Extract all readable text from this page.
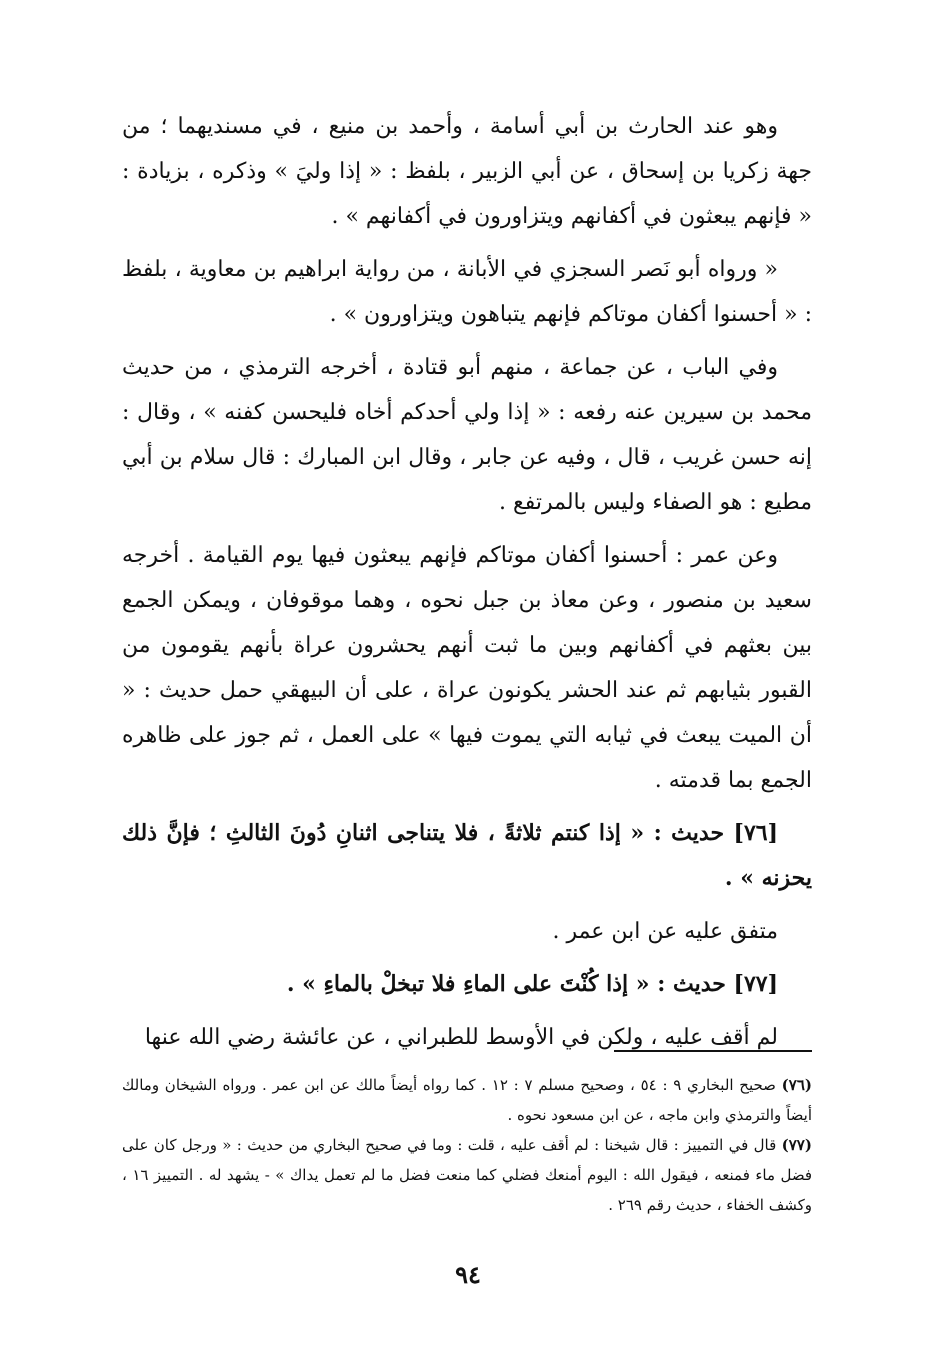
وهو عند الحارث بن أبي أسامة ، وأحمد بن منيع ، في مسنديهما ؛ من جهة زكريا بن إسحاق ، عن أبي الزبير ، بلفظ : « إذا وليَ » وذكره ، بزيادة : « فإنهم يبعثون في أكفانهم ويتزاورون في أكفانهم » .

« ورواه أبو نَصر السجزي في الأبانة ، من رواية ابراهيم بن معاوية ، بلفظ : « أحسنوا أكفان موتاكم فإنهم يتباهون ويتزاورون » .

وفي الباب ، عن جماعة ، منهم أبو قتادة ، أخرجه الترمذي ، من حديث محمد بن سيرين عنه رفعه : « إذا ولي أحدكم أخاه فليحسن كفنه » ، وقال : إنه حسن غريب ، قال ، وفيه عن جابر ، وقال ابن المبارك : قال سلام بن أبي مطيع : هو الصفاء وليس بالمرتفع .

وعن عمر : أحسنوا أكفان موتاكم فإنهم يبعثون فيها يوم القيامة . أخرجه سعيد بن منصور ، وعن معاذ بن جبل نحوه ، وهما موقوفان ، ويمكن الجمع بين بعثهم في أكفانهم وبين ما ثبت أنهم يحشرون عراة بأنهم يقومون من القبور بثيابهم ثم عند الحشر يكونون عراة ، على أن البيهقي حمل حديث : « أن الميت يبعث في ثيابه التي يموت فيها » على العمل ، ثم جوز على ظاهره الجمع بما قدمته .

[٧٦] حديث : « إذا كنتم ثلاثةً ، فلا يتناجى اثنانِ دُونَ الثالثِ ؛ فإنَّ ذلك يحزنه » .

متفق عليه عن ابن عمر .

[٧٧] حديث : « إذا كُنْتَ على الماءِ فلا تبخلْ بالماءِ » .

لم أقف عليه ، ولكن في الأوسط للطبراني ، عن عائشة رضي الله عنها

(٧٦) صحيح البخاري ٩ : ٥٤ ، وصحيح مسلم ٧ : ١٢ . كما رواه أيضاً مالك عن ابن عمر . ورواه الشيخان ومالك أيضاً والترمذي وابن ماجه ، عن ابن مسعود نحوه .

(٧٧) قال في التمييز : قال شيخنا : لم أقف عليه ، قلت : وما في صحيح البخاري من حديث : « ورجل كان على فضل ماء فمنعه ، فيقول الله : اليوم أمنعك فضلي كما منعت فضل ما لم تعمل يداك » - يشهد له . التمييز ١٦ ، وكشف الخفاء ، حديث رقم ٢٦٩ .

٩٤
